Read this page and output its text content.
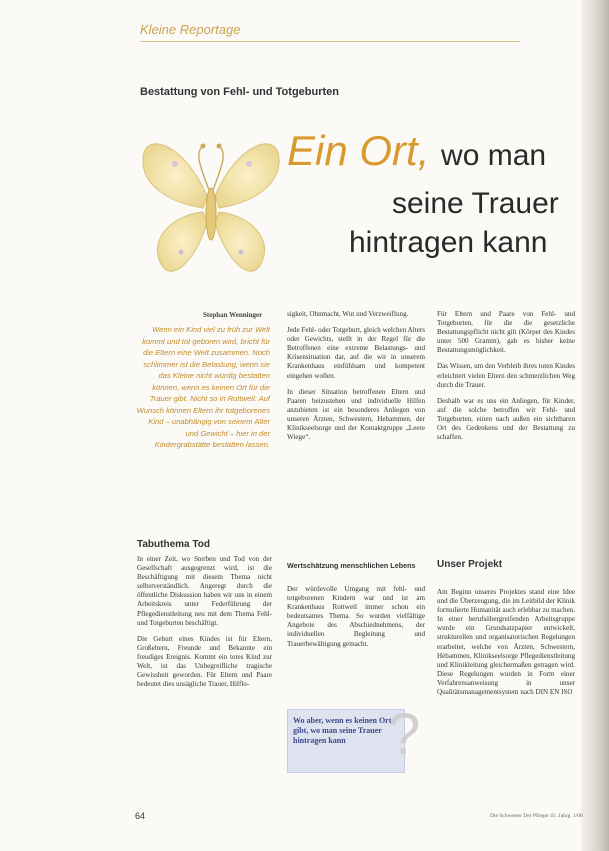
Kleine Reportage
Bestattung von Fehl- und Totgeburten
Ein Ort, wo man
seine Trauer
hintragen kann
Stephan Wenninger
Wenn ein Kind viel zu früh zur Welt kommt und tot geboren wird, bricht für die Eltern eine Welt zusammen. Noch schlimmer ist die Belastung, wenn sie das Kleine nicht würdig bestatten können, wenn es keinen Ort für die Trauer gibt. Nicht so in Rottweil: Auf Wunsch können Eltern ihr totgeborenes Kind – unabhängig von seinem Alter und Gewicht – hier in der Kindergrabstätte bestatten lassen.
Tabuthema Tod

In einer Zeit, wo Sterben und Tod von der Gesellschaft ausgegrenzt wird, ist die Beschäftigung mit diesem Thema nicht selbstverständlich. Angeregt durch die öffentliche Diskussion haben wir uns in einem Arbeitskreis unter Federführung der Pflegedienstleitung neu mit dem Thema Fehl- und Totgeburten beschäftigt.

Die Geburt eines Kindes ist für Eltern, Großeltern, Freunde und Bekannte ein freudiges Ereignis. Kommt ein totes Kind zur Welt, ist das Unbegreifliche tragische Gewissheit geworden. Für Eltern und Paare bedeutet dies unsägliche Trauer, Hilflo-

sigkeit, Ohnmacht, Wut und Verzweiflung.

Jede Fehl- oder Totgeburt, gleich welchen Alters oder Gewichts, stellt in der Regel für die Betroffenen eine extreme Belastungs- und Krisensituation dar, auf die wir in unserem Krankenhaus einfühlsam und kompetent eingehen wollen.

In dieser Situation betroffenen Eltern und Paaren beizustehen und individuelle Hilfen anzubieten ist ein besonderes Anliegen von unseren Ärzten, Schwestern, Hebammen, der Klinikseelsorge und der Kontaktgruppe „Leere Wiege“.

Wertschätzung menschlichen Lebens

Der würdevolle Umgang mit fehl- und totgeborenen Kindern war und ist am Krankenhaus Rottweil immer schon ein bedeutsames Thema. So wurden vielfältige Angebote des Abschiednehmens, der individuellen Begleitung und Trauerbewältigung gemacht.

Wo aber, wenn es keinen Ort gibt, wo man seine Trauer hintragen kann ?

Für Eltern und Paare von Fehl- und Totgeburten, für die die gesetzliche Bestattungspflicht nicht gilt (Körper des Kindes unter 500 Gramm), gab es bisher keine Bestattungsmöglichkeit.

Das Wissen, um den Verbleib ihres toten Kindes erleichtert vielen Eltern den schmerzlichen Weg durch die Trauer.

Deshalb war es uns ein Anliegen, für Kinder, auf die solche betroffen wir Fehl- und Totgeburten, einen nach außen ein sichtbaren Ort des Gedenkens und der Bestattung zu schaffen.

Unser Projekt

Am Beginn unseres Projektes stand eine Idee und die Überzeugung, die im Leitbild der Klinik formulierte Humanität auch erlebbar zu machen. In einer berufsübergreifenden Arbeitsgruppe wurde ein Grundsatzpapier entwickelt, strukturellen und organisatorischen Regelungen erarbeitet, welche von Ärzten, Schwestern, Hebammen, Klinikseelsorge Pflegedienstleitung und Klinikleitung gleichermaßen getragen wird. Diese Regelungen wurden in Form einer Verfahrensanweisung in unser Qualitätsmanagementsystem nach DIN EN ISO

64	Die Schwester Der Pfleger 45. Jahrg. 1/06
